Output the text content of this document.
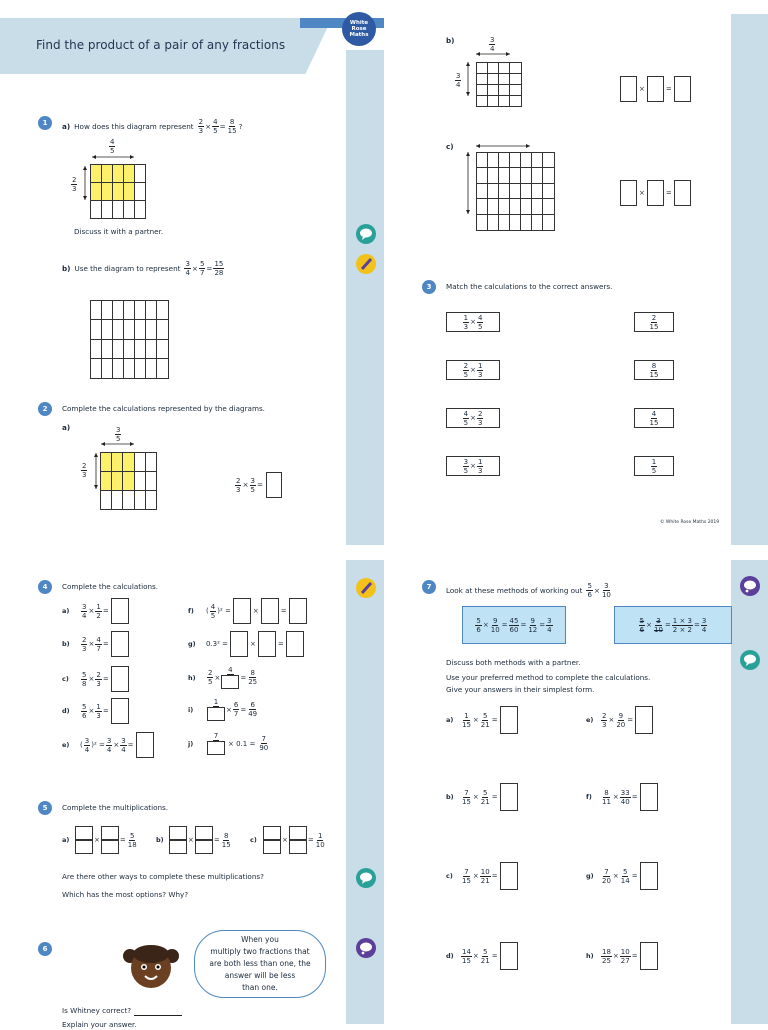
Find the product of a pair of any fractions
White
Rose
Maths
1	a) How does this diagram represent $\frac{2}{3} \times \frac{4}{5} = \frac{8}{15}$ ?
$\frac{4}{5}$
$\frac{2}{3}$
Discuss it with a partner.
b) Use the diagram to represent $\frac{3}{4} \times \frac{5}{7} = \frac{15}{28}$
2	Complete the calculations represented by the diagrams.
a)	$\frac{3}{5}$
$\frac{2}{3}$
$\frac{2}{3} \times \frac{3}{5}$ =
b)	$\frac{3}{4}$
$\frac{3}{4}$	×	=
c)
×	=
3	Match the calculations to the correct answers.
$\frac{1}{3} \times \frac{4}{5}$
$\frac{2}{5} \times \frac{1}{3}$
$\frac{4}{5} \times \frac{2}{3}$
$\frac{3}{5} \times \frac{1}{3}$
$\frac{2}{15}$
$\frac{8}{15}$
$\frac{4}{15}$
$\frac{1}{5}$
© White Rose Maths 2019
4	Complete the calculations.
a)	$\frac{3}{4} \times \frac{1}{2}$ =
b)	$\frac{2}{3} \times \frac{4}{7}$ =
c)	$\frac{5}{8} \times \frac{2}{3}$ =
d)	$\frac{5}{6} \times \frac{1}{3}$ =
e)	( $\frac{3}{4}$ ) $^2 = \frac{3}{4} \times \frac{3}{4}$ =
f)	( $\frac{4}{5}$ ) ² =	×	=
g)	0.3² =	×	=
h)	$\frac{2}{5}$ ×
4
= $\frac{8}{25}$
i)
1
× $\frac{6}{7} = \frac{6}{49}$
j)
7
× $0.1 = \frac{7}{90}$
5	Complete the multiplications.
a)	×	= $\frac{5}{18}$	b)	×	= $\frac{8}{15}$	c)	×	= $\frac{1}{10}$
Are there other ways to complete these multiplications?
Which has the most options? Why?
6
When you
multiply two fractions that
are both less than one, the
answer will be less
than one.
Is Whitney correct?
Explain your answer.
7	Look at these methods of working out $\frac{5}{6} \times \frac{3}{10}$
$\frac{5}{6} \times \frac{9}{10} = \frac{45}{60} = \frac{9}{12} = \frac{3}{4}$	$\frac{5}{6} \times \frac{3}{10} = \frac{1 \times 3}{2 \times 2} = \frac{3}{4}$
Discuss both methods with a partner.
Use your preferred method to complete the calculations.
Give your answers in their simplest form.
a)	$\frac{1}{15} \times \frac{5}{21}$ =	e)	$\frac{2}{3} \times \frac{9}{20}$ =
b)	$\frac{7}{15} \times \frac{5}{21}$ =	f)	$\frac{8}{11} \times \frac{33}{40}$ =
c)	$\frac{7}{15} \times \frac{10}{21}$ =	g)	$\frac{7}{20} \times \frac{5}{14}$ =
d)	$\frac{14}{15} \times \frac{5}{21}$ =	h)	$\frac{18}{25} \times \frac{10}{27}$ =
